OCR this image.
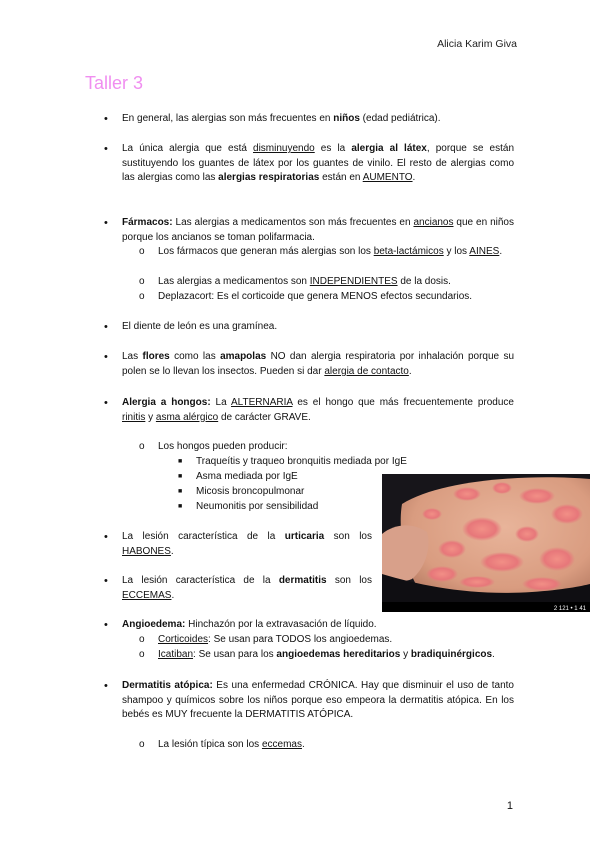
Alicia Karim Giva
Taller 3
• En general, las alergias son más frecuentes en niños (edad pediátrica).
• La única alergia que está disminuyendo es la alergia al látex, porque se están sustituyendo los guantes de látex por los guantes de vinilo. El resto de alergias como las alergias como las alergias respiratorias están en AUMENTO.
• Fármacos: Las alergias a medicamentos son más frecuentes en ancianos que en niños porque los ancianos se toman polifarmacia.
o Los fármacos que generan más alergias son los beta-lactámicos y los AINES.
o Las alergias a medicamentos son INDEPENDIENTES de la dosis.
o Deplazacort: Es el corticoide que genera MENOS efectos secundarios.
• El diente de león es una gramínea.
• Las flores como las amapolas NO dan alergia respiratoria por inhalación porque su polen se lo llevan los insectos. Pueden si dar alergia de contacto.
• Alergia a hongos: La ALTERNARIA es el hongo que más frecuentemente produce rinitis y asma alérgico de carácter GRAVE.
o Los hongos pueden producir:
■ Traqueítis y traqueo bronquitis mediada por IgE
■ Asma mediada por IgE
■ Micosis broncopulmonar
■ Neumonitis por sensibilidad
2 121 • 1 41
• La lesión característica de la urticaria son los HABONES.
• La lesión característica de la dermatitis son los ECCEMAS.
• Angioedema: Hinchazón por la extravasación de líquido.
o Corticoides: Se usan para TODOS los angioedemas.
o Icatiban: Se usan para los angioedemas hereditarios y bradiquinérgicos.
• Dermatitis atópica: Es una enfermedad CRÓNICA. Hay que disminuir el uso de tanto shampoo y químicos sobre los niños porque eso empeora la dermatitis atópica. En los bebés es MUY frecuente la DERMATITIS ATÓPICA.
o La lesión típica son los eccemas.
1
